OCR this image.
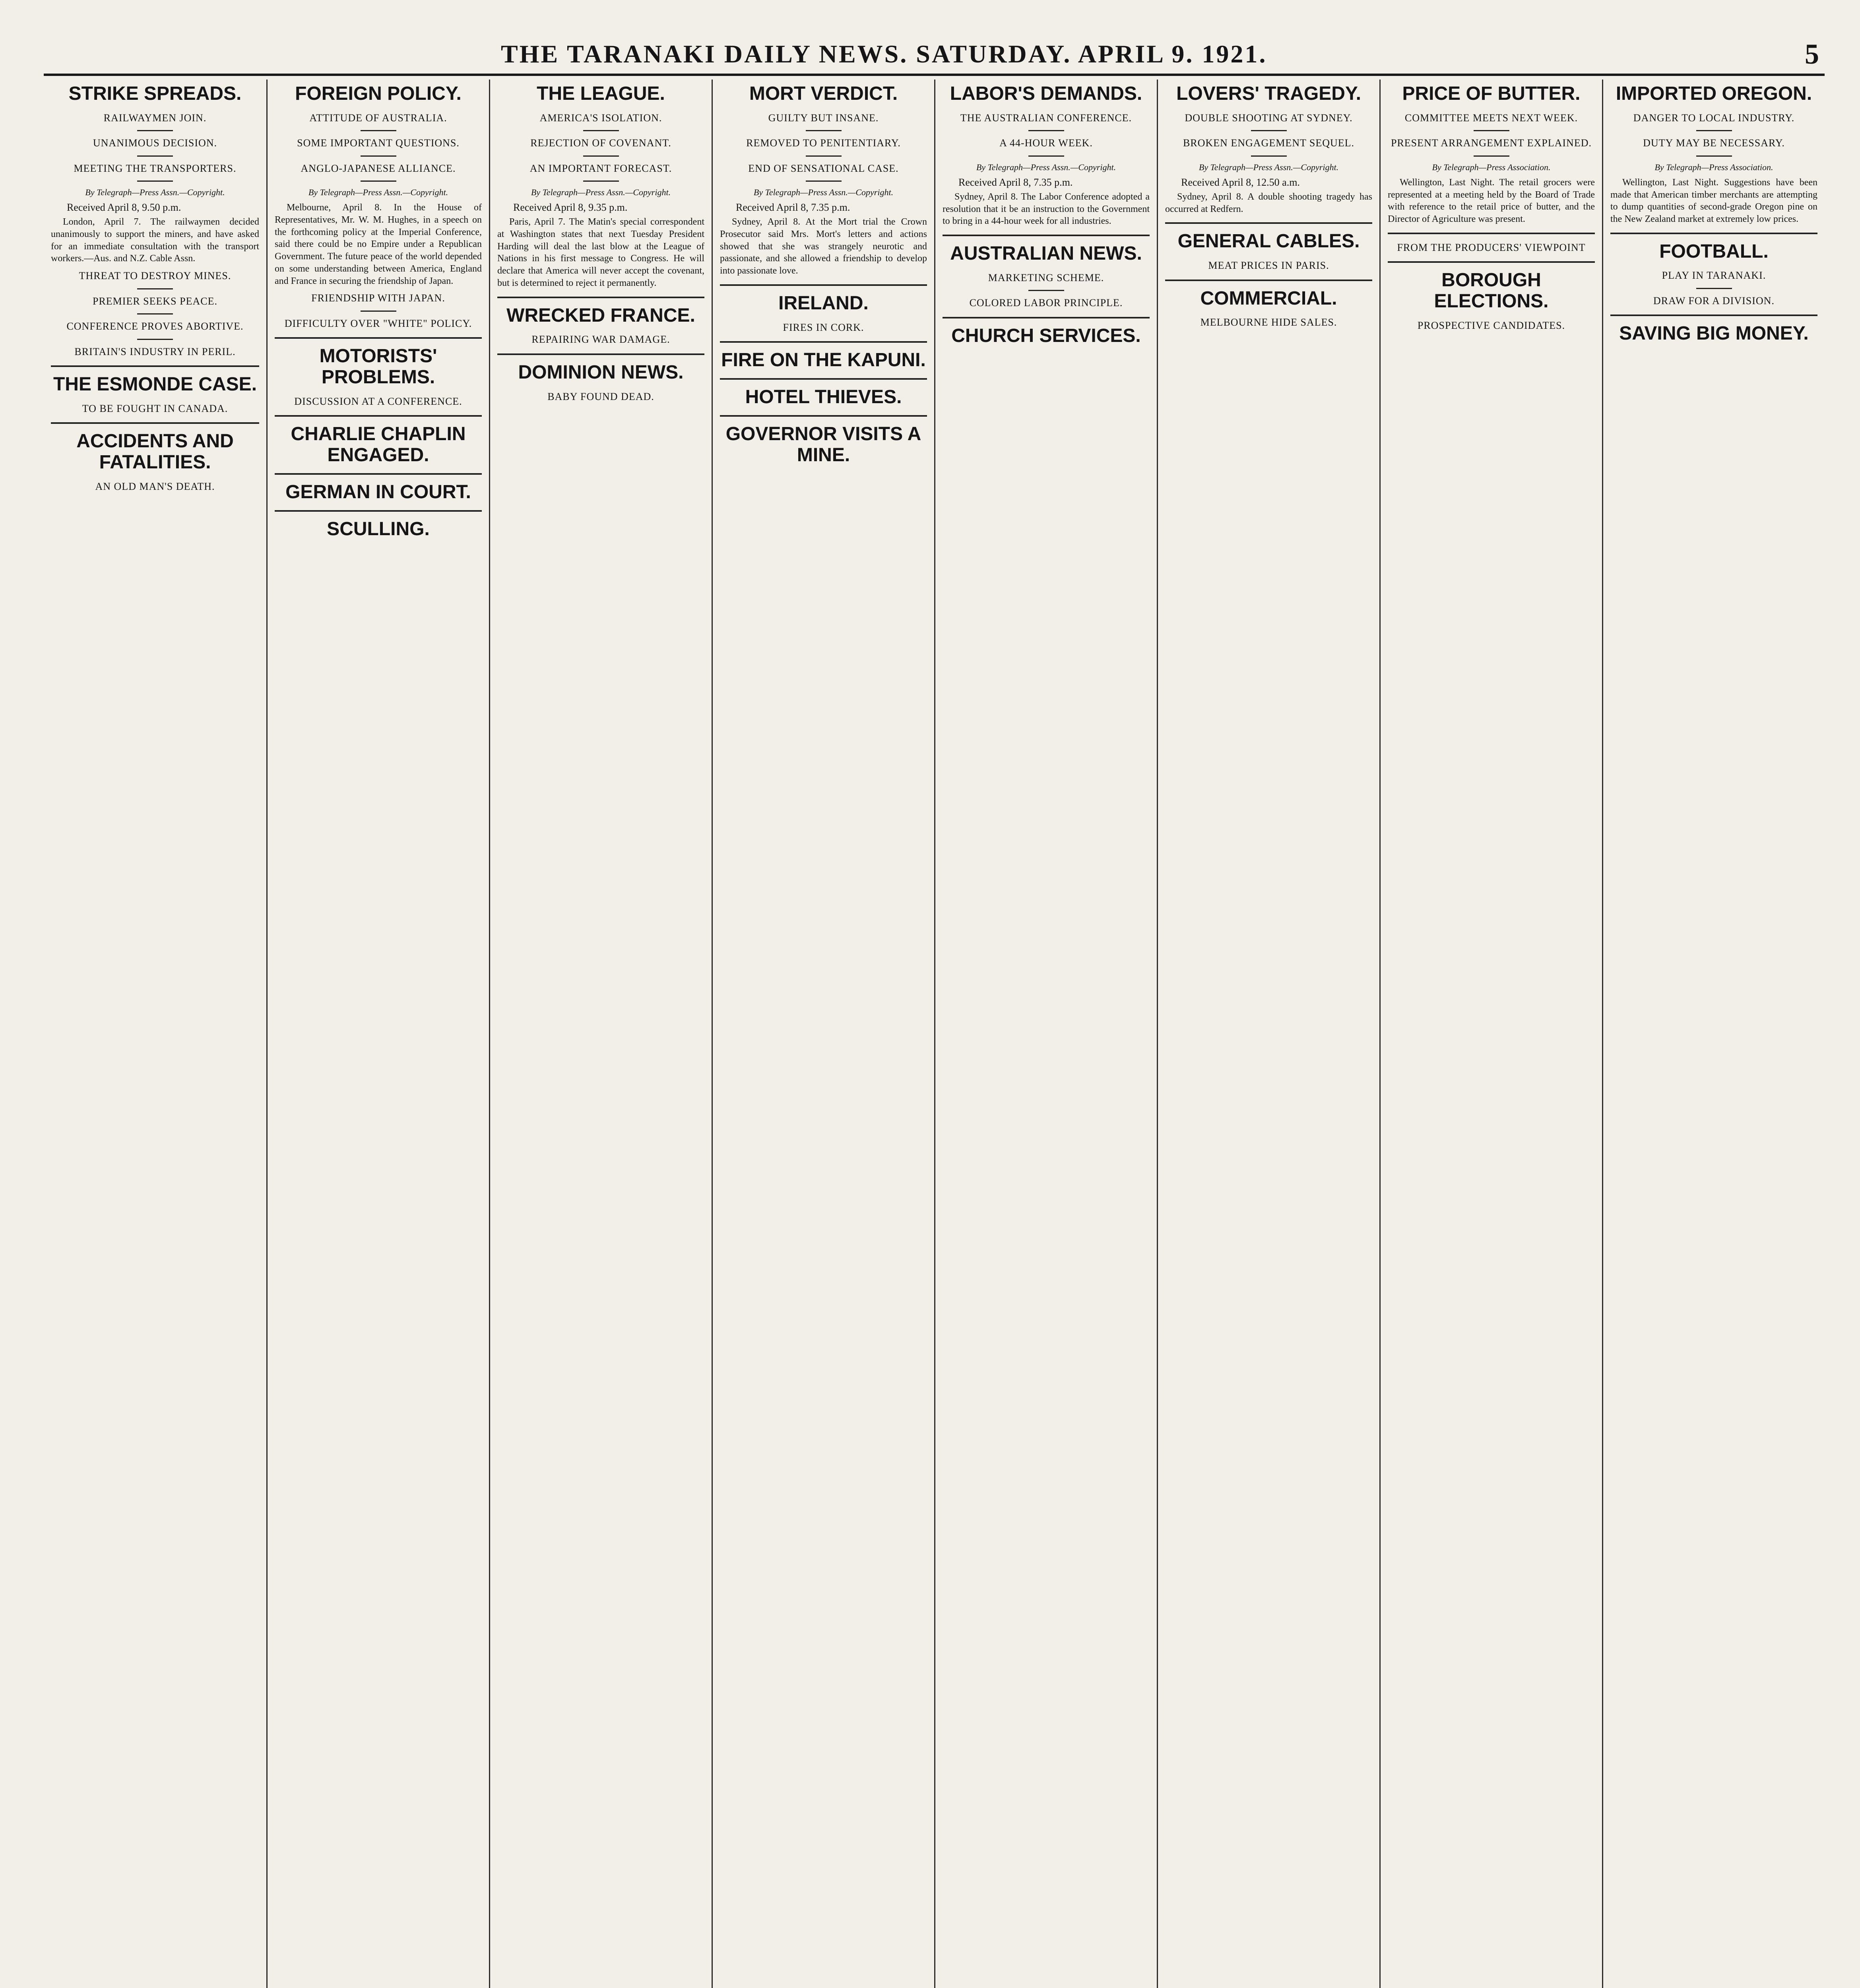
THE TARANAKI DAILY NEWS. SATURDAY. APRIL 9. 1921.	5
STRIKE SPREADS.
RAILWAYMEN JOIN.
UNANIMOUS DECISION.
MEETING THE TRANSPORTERS.
By Telegraph—Press Assn.—Copyright.
Received April 8, 9.50 p.m.
London, April 7. The railwaymen decided unanimously to support the miners, and have asked for an immediate consultation with the transport workers.—Aus. and N.Z. Cable Assn.
THREAT TO DESTROY MINES.
PREMIER SEEKS PEACE.
CONFERENCE PROVES ABORTIVE.
BRITAIN'S INDUSTRY IN PERIL.
THE ESMONDE CASE.
TO BE FOUGHT IN CANADA.
ACCIDENTS AND FATALITIES.
AN OLD MAN'S DEATH.
FOREIGN POLICY.
ATTITUDE OF AUSTRALIA.
SOME IMPORTANT QUESTIONS.
ANGLO-JAPANESE ALLIANCE.
By Telegraph—Press Assn.—Copyright.
Melbourne, April 8. In the House of Representatives, Mr. W. M. Hughes, in a speech on the forthcoming policy at the Imperial Conference, said there could be no Empire under a Republican Government. The future peace of the world depended on some understanding between America, England and France in securing the friendship of Japan.
FRIENDSHIP WITH JAPAN.
DIFFICULTY OVER "WHITE" POLICY.
MOTORISTS' PROBLEMS.
DISCUSSION AT A CONFERENCE.
CHARLIE CHAPLIN ENGAGED.
GERMAN IN COURT.
SCULLING.
THE LEAGUE.
AMERICA'S ISOLATION.
REJECTION OF COVENANT.
AN IMPORTANT FORECAST.
By Telegraph—Press Assn.—Copyright.
Received April 8, 9.35 p.m.
Paris, April 7. The Matin's special correspondent at Washington states that next Tuesday President Harding will deal the last blow at the League of Nations in his first message to Congress. He will declare that America will never accept the covenant, but is determined to reject it permanently.
WRECKED FRANCE.
REPAIRING WAR DAMAGE.
DOMINION NEWS.
BABY FOUND DEAD.
MORT VERDICT.
GUILTY BUT INSANE.
REMOVED TO PENITENTIARY.
END OF SENSATIONAL CASE.
By Telegraph—Press Assn.—Copyright.
Received April 8, 7.35 p.m.
Sydney, April 8. At the Mort trial the Crown Prosecutor said Mrs. Mort's letters and actions showed that she was strangely neurotic and passionate, and she allowed a friendship to develop into passionate love.
IRELAND.
FIRES IN CORK.
FIRE ON THE KAPUNI.
HOTEL THIEVES.
GOVERNOR VISITS A MINE.
LABOR'S DEMANDS.
THE AUSTRALIAN CONFERENCE.
A 44-HOUR WEEK.
By Telegraph—Press Assn.—Copyright.
Received April 8, 7.35 p.m.
Sydney, April 8. The Labor Conference adopted a resolution that it be an instruction to the Government to bring in a 44-hour week for all industries.
AUSTRALIAN NEWS.
MARKETING SCHEME.
COLORED LABOR PRINCIPLE.
CHURCH SERVICES.
LOVERS' TRAGEDY.
DOUBLE SHOOTING AT SYDNEY.
BROKEN ENGAGEMENT SEQUEL.
By Telegraph—Press Assn.—Copyright.
Received April 8, 12.50 a.m.
Sydney, April 8. A double shooting tragedy has occurred at Redfern.
GENERAL CABLES.
MEAT PRICES IN PARIS.
COMMERCIAL.
MELBOURNE HIDE SALES.
PRICE OF BUTTER.
COMMITTEE MEETS NEXT WEEK.
PRESENT ARRANGEMENT EXPLAINED.
By Telegraph—Press Association.
Wellington, Last Night. The retail grocers were represented at a meeting held by the Board of Trade with reference to the retail price of butter, and the Director of Agriculture was present.
FROM THE PRODUCERS' VIEWPOINT
BOROUGH ELECTIONS.
PROSPECTIVE CANDIDATES.
IMPORTED OREGON.
DANGER TO LOCAL INDUSTRY.
DUTY MAY BE NECESSARY.
By Telegraph—Press Association.
Wellington, Last Night. Suggestions have been made that American timber merchants are attempting to dump quantities of second-grade Oregon pine on the New Zealand market at extremely low prices.
FOOTBALL.
PLAY IN TARANAKI.
DRAW FOR A DIVISION.
SAVING BIG MONEY.
